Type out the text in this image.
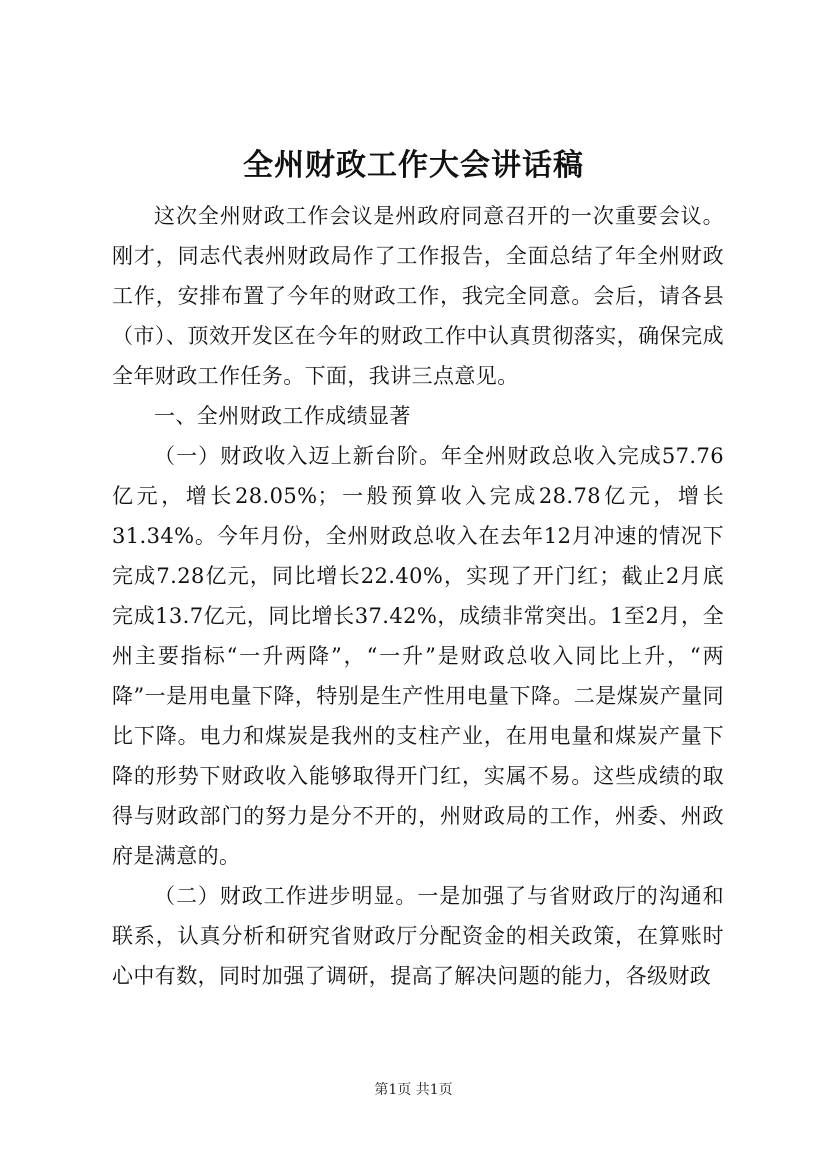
全州财政工作大会讲话稿

这次全州财政工作会议是州政府同意召开的一次重要会议。刚才，同志代表州财政局作了工作报告，全面总结了年全州财政工作，安排布置了今年的财政工作，我完全同意。会后，请各县（市）、顶效开发区在今年的财政工作中认真贯彻落实，确保完成全年财政工作任务。下面，我讲三点意见。

一、全州财政工作成绩显著

（一）财政收入迈上新台阶。年全州财政总收入完成57.76亿元，增长28.05%；一般预算收入完成28.78亿元，增长31.34%。今年月份，全州财政总收入在去年12月冲速的情况下完成7.28亿元，同比增长22.40%，实现了开门红；截止2月底完成13.7亿元，同比增长37.42%，成绩非常突出。1至2月，全州主要指标“一升两降”，“一升”是财政总收入同比上升，“两降”一是用电量下降，特别是生产性用电量下降。二是煤炭产量同比下降。电力和煤炭是我州的支柱产业，在用电量和煤炭产量下降的形势下财政收入能够取得开门红，实属不易。这些成绩的取得与财政部门的努力是分不开的，州财政局的工作，州委、州政府是满意的。

（二）财政工作进步明显。一是加强了与省财政厅的沟通和联系，认真分析和研究省财政厅分配资金的相关政策，在算账时心中有数，同时加强了调研，提高了解决问题的能力，各级财政

第1页 共1页
